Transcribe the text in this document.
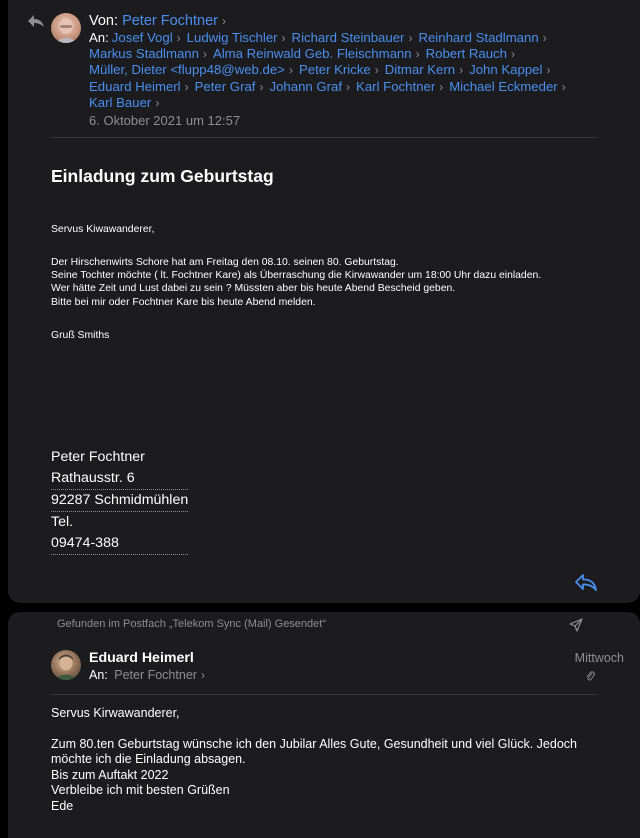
Von: Peter Fochtner ›
An: Josef Vogl › Ludwig Tischler › Richard Steinbauer › Reinhard Stadlmann ›
Markus Stadlmann › Alma Reinwald Geb. Fleischmann › Robert Rauch ›
Müller, Dieter <flupp48@web.de> › Peter Kricke › Ditmar Kern › John Kappel ›
Eduard Heimerl › Peter Graf › Johann Graf › Karl Fochtner › Michael Eckmeder ›
Karl Bauer ›
6. Oktober 2021 um 12:57
Einladung zum Geburtstag
Servus Kiwawanderer,
Der Hirschenwirts Schore hat am Freitag den 08.10. seinen 80. Geburtstag.
Seine Tochter möchte ( lt. Fochtner Kare) als Überraschung die Kirwawander um 18:00 Uhr dazu einladen.
Wer hätte Zeit und Lust dabei zu sein ? Müssten aber bis heute Abend Bescheid geben.
Bitte bei mir oder Fochtner Kare bis heute Abend melden.
Gruß Smiths
Peter Fochtner
Rathausstr. 6
92287 Schmidmühlen
Tel.
09474-388
Gefunden im Postfach „Telekom Sync (Mail) Gesendet“
Eduard Heimerl
An: Peter Fochtner ›
Mittwoch
Servus Kirwawanderer,
Zum 80.ten Geburtstag wünsche ich den Jubilar Alles Gute, Gesundheit und viel Glück. Jedoch
möchte ich die Einladung absagen.
Bis zum Auftakt 2022
Verbleibe ich mit besten Grüßen
Ede
